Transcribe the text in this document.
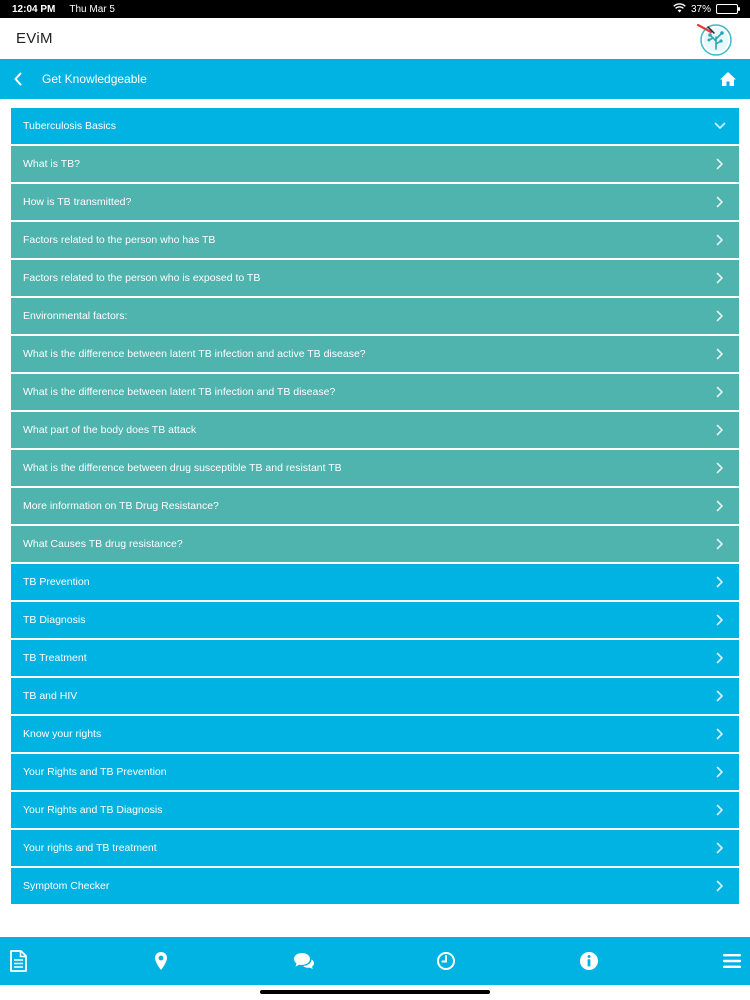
12:04 PM Thu Mar 5	37%
EViM
Get Knowledgeable
Tuberculosis Basics
What is TB?
How is TB transmitted?
Factors related to the person who has TB
Factors related to the person who is exposed to TB
Environmental factors:
What is the difference between latent TB infection and active TB disease?
What is the difference between latent TB infection and TB disease?
What part of the body does TB attack
What is the difference between drug susceptible TB and resistant TB
More information on TB Drug Resistance?
What Causes TB drug resistance?
TB Prevention
TB Diagnosis
TB Treatment
TB and HIV
Know your rights
Your Rights and TB Prevention
Your Rights and TB Diagnosis
Your rights and TB treatment
Symptom Checker
